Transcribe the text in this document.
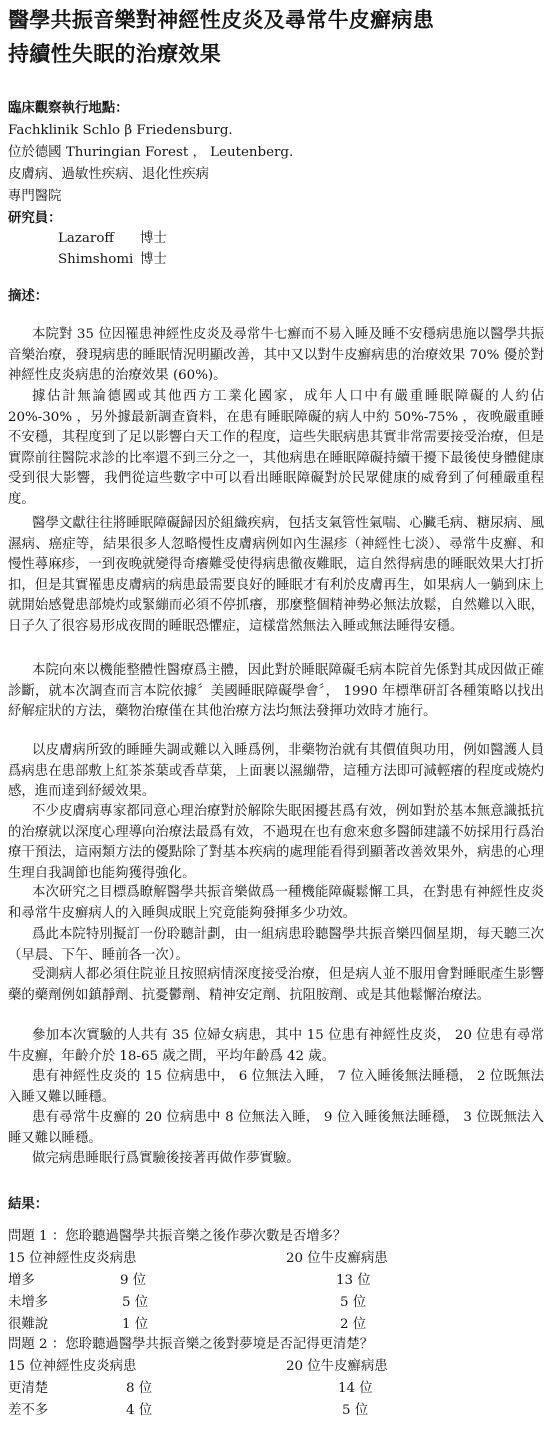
醫學共振音樂對神經性皮炎及尋常牛皮癬病患
持續性失眠的治療效果
臨床觀察執行地點：
Fachklinik Schlo β Friedensburg.
位於德國 Thuringian Forest ， Leutenberg.
皮膚病、過敏性疾病、退化性疾病
專門醫院
研究員：
Lazaroff 博士
Shimshomi 博士
摘述：
本院對 35 位因罹患神經性皮炎及尋常牛七癬而不易入睡及睡不安穩病患施以醫學共振音樂治療，發現病患的睡眠情況明顯改善，其中又以對牛皮癬病患的治療效果 70% 優於對神經性皮炎病患的治療效果 (60%)。
據估計無論德國或其他西方工業化國家，成年人口中有嚴重睡眠障礙的人約佔 20%-30% ，另外據最新調查資料，在患有睡眠障礙的病人中約 50%-75% ，夜晚嚴重睡不安穩，其程度到了足以影響白天工作的程度，這些失眠病患其實非常需要接受治療，但是實際前往醫院求診的比率還不到三分之一，其他病患在睡眠障礙持續干擾下最後使身體健康受到很大影響，我們從這些數字中可以看出睡眠障礙對於民眾健康的威脅到了何種嚴重程度。
醫學文獻往往將睡眠障礙歸因於組織疾病，包括支氣管性氣喘、心臟毛病、糖尿病、風濕病、癌症等，結果很多人忽略慢性皮膚病例如內生濕疹（神經性七淡）、尋常牛皮癬、和慢性蕁麻疹，一到夜晚就變得奇癢難受使得病患徹夜難眠，這自然得病患的睡眠效果大打折扣，但是其實罹患皮膚病的病患最需要良好的睡眠才有利於皮膚再生，如果病人一躺到床上就開始感覺患部燒灼或緊繃而必須不停抓癢，那麼整個精神勢必無法放鬆，自然難以入眠，日子久了很容易形成夜間的睡眠恐懼症，這樣當然無法入睡或無法睡得安穩。
本院向來以機能整體性醫療爲主體，因此對於睡眠障礙毛病本院首先係對其成因做正確診斷，就本次調查而言本院依據〞美國睡眠障礙學會〞， 1990 年標準研訂各種策略以找出紓解症狀的方法，藥物治療僅在其他治療方法均無法發揮功效時才施行。
以皮膚病所致的睡睡失調或難以入睡爲例，非藥物治就有其價值與功用，例如醫護人員爲病患在患部敷上紅茶茶葉或香草葉，上面裹以濕繃帶，這種方法即可減輕癢的程度或燒灼感，進而達到紓緩效果。
不少皮膚病專家都同意心理治療對於解除失眠困擾甚爲有效，例如對於基本無意識抵抗的治療就以深度心理導向治療法最爲有效，不過現在也有愈來愈多醫師建議不妨採用行爲治療干預法，這兩類方法的優點除了對基本疾病的處理能看得到顯著改善效果外，病患的心理生理自我調節也能夠獲得強化。
本次研究之目標爲瞭解醫學共振音樂做爲一種機能障礙鬆懈工具，在對患有神經性皮炎和尋常牛皮癬病人的入睡與成眠上究竟能夠發揮多少功效。
爲此本院特別擬訂一份聆聽計劃，由一組病患聆聽醫學共振音樂四個星期，每天聽三次（早晨、下午、睡前各一次）。
受測病人都必須住院並且按照病情深度接受治療，但是病人並不服用會對睡眠產生影響藥的藥劑例如鎮靜劑、抗憂鬱劑、精神安定劑、抗阻胺劑、或是其他鬆懈治療法。
參加本次實驗的人共有 35 位婦女病患，其中 15 位患有神經性皮炎， 20 位患有尋常牛皮癬，年齡介於 18-65 歲之間，平均年齡爲 42 歲。
患有神經性皮炎的 15 位病患中， 6 位無法入睡， 7 位入睡後無法睡穩， 2 位既無法入睡又難以睡穩。
患有尋常牛皮癬的 20 位病患中 8 位無法入睡， 9 位入睡後無法睡穩， 3 位既無法入睡又難以睡穩。
做完病患睡眠行爲實驗後接著再做作夢實驗。
結果：
問題 1 ：您聆聽過醫學共振音樂之後作夢次數是否增多？
15 位神經性皮炎病患	20 位牛皮癬病患
增多	9 位	13 位
未增多	5 位	5 位
很難說	1 位	2 位
問題 2 ：您聆聽過醫學共振音樂之後對夢境是否記得更清楚？
15 位神經性皮炎病患	20 位牛皮癬病患
更清楚	8 位	14 位
差不多	4 位	5 位
